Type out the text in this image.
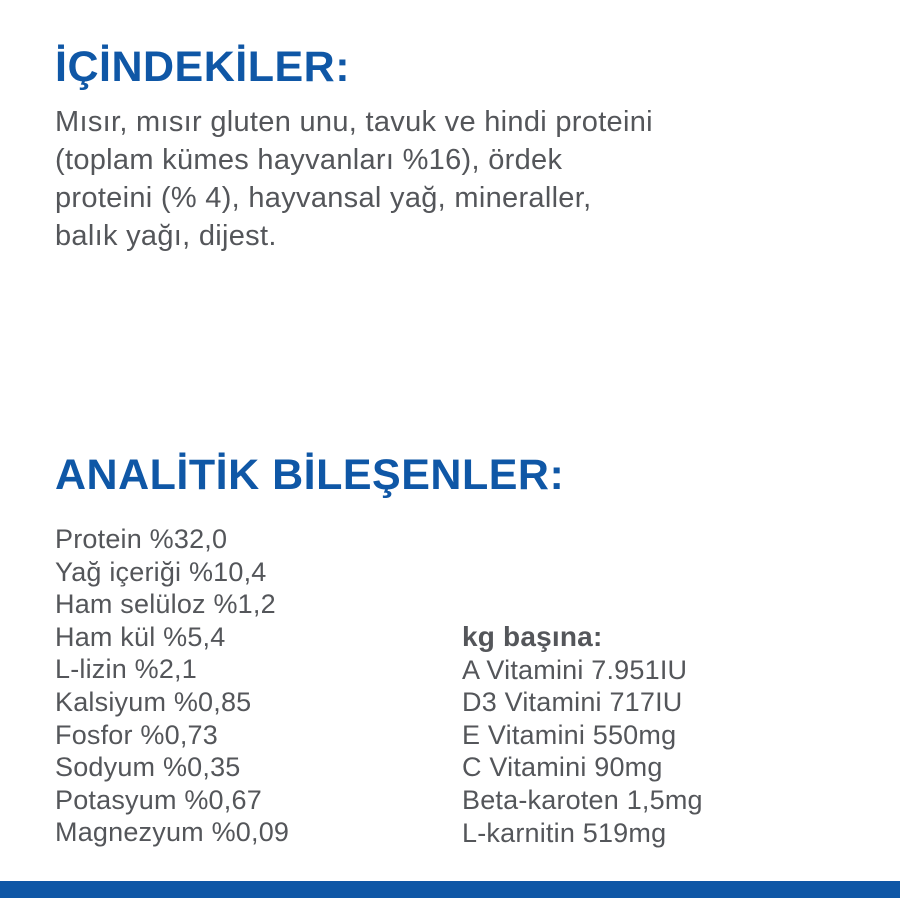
İÇİNDEKİLER:
Mısır, mısır gluten unu, tavuk ve hindi proteini
(toplam kümes hayvanları %16), ördek
proteini (% 4), hayvansal yağ, mineraller,
balık yağı, dijest.
ANALİTİK BİLEŞENLER:
Protein %32,0
Yağ içeriği %10,4
Ham selüloz %1,2
Ham kül %5,4
L-lizin %2,1
Kalsiyum %0,85
Fosfor %0,73
Sodyum %0,35
Potasyum %0,67
Magnezyum %0,09
kg başına:
A Vitamini 7.951IU
D3 Vitamini 717IU
E Vitamini 550mg
C Vitamini 90mg
Beta-karoten 1,5mg
L-karnitin 519mg
